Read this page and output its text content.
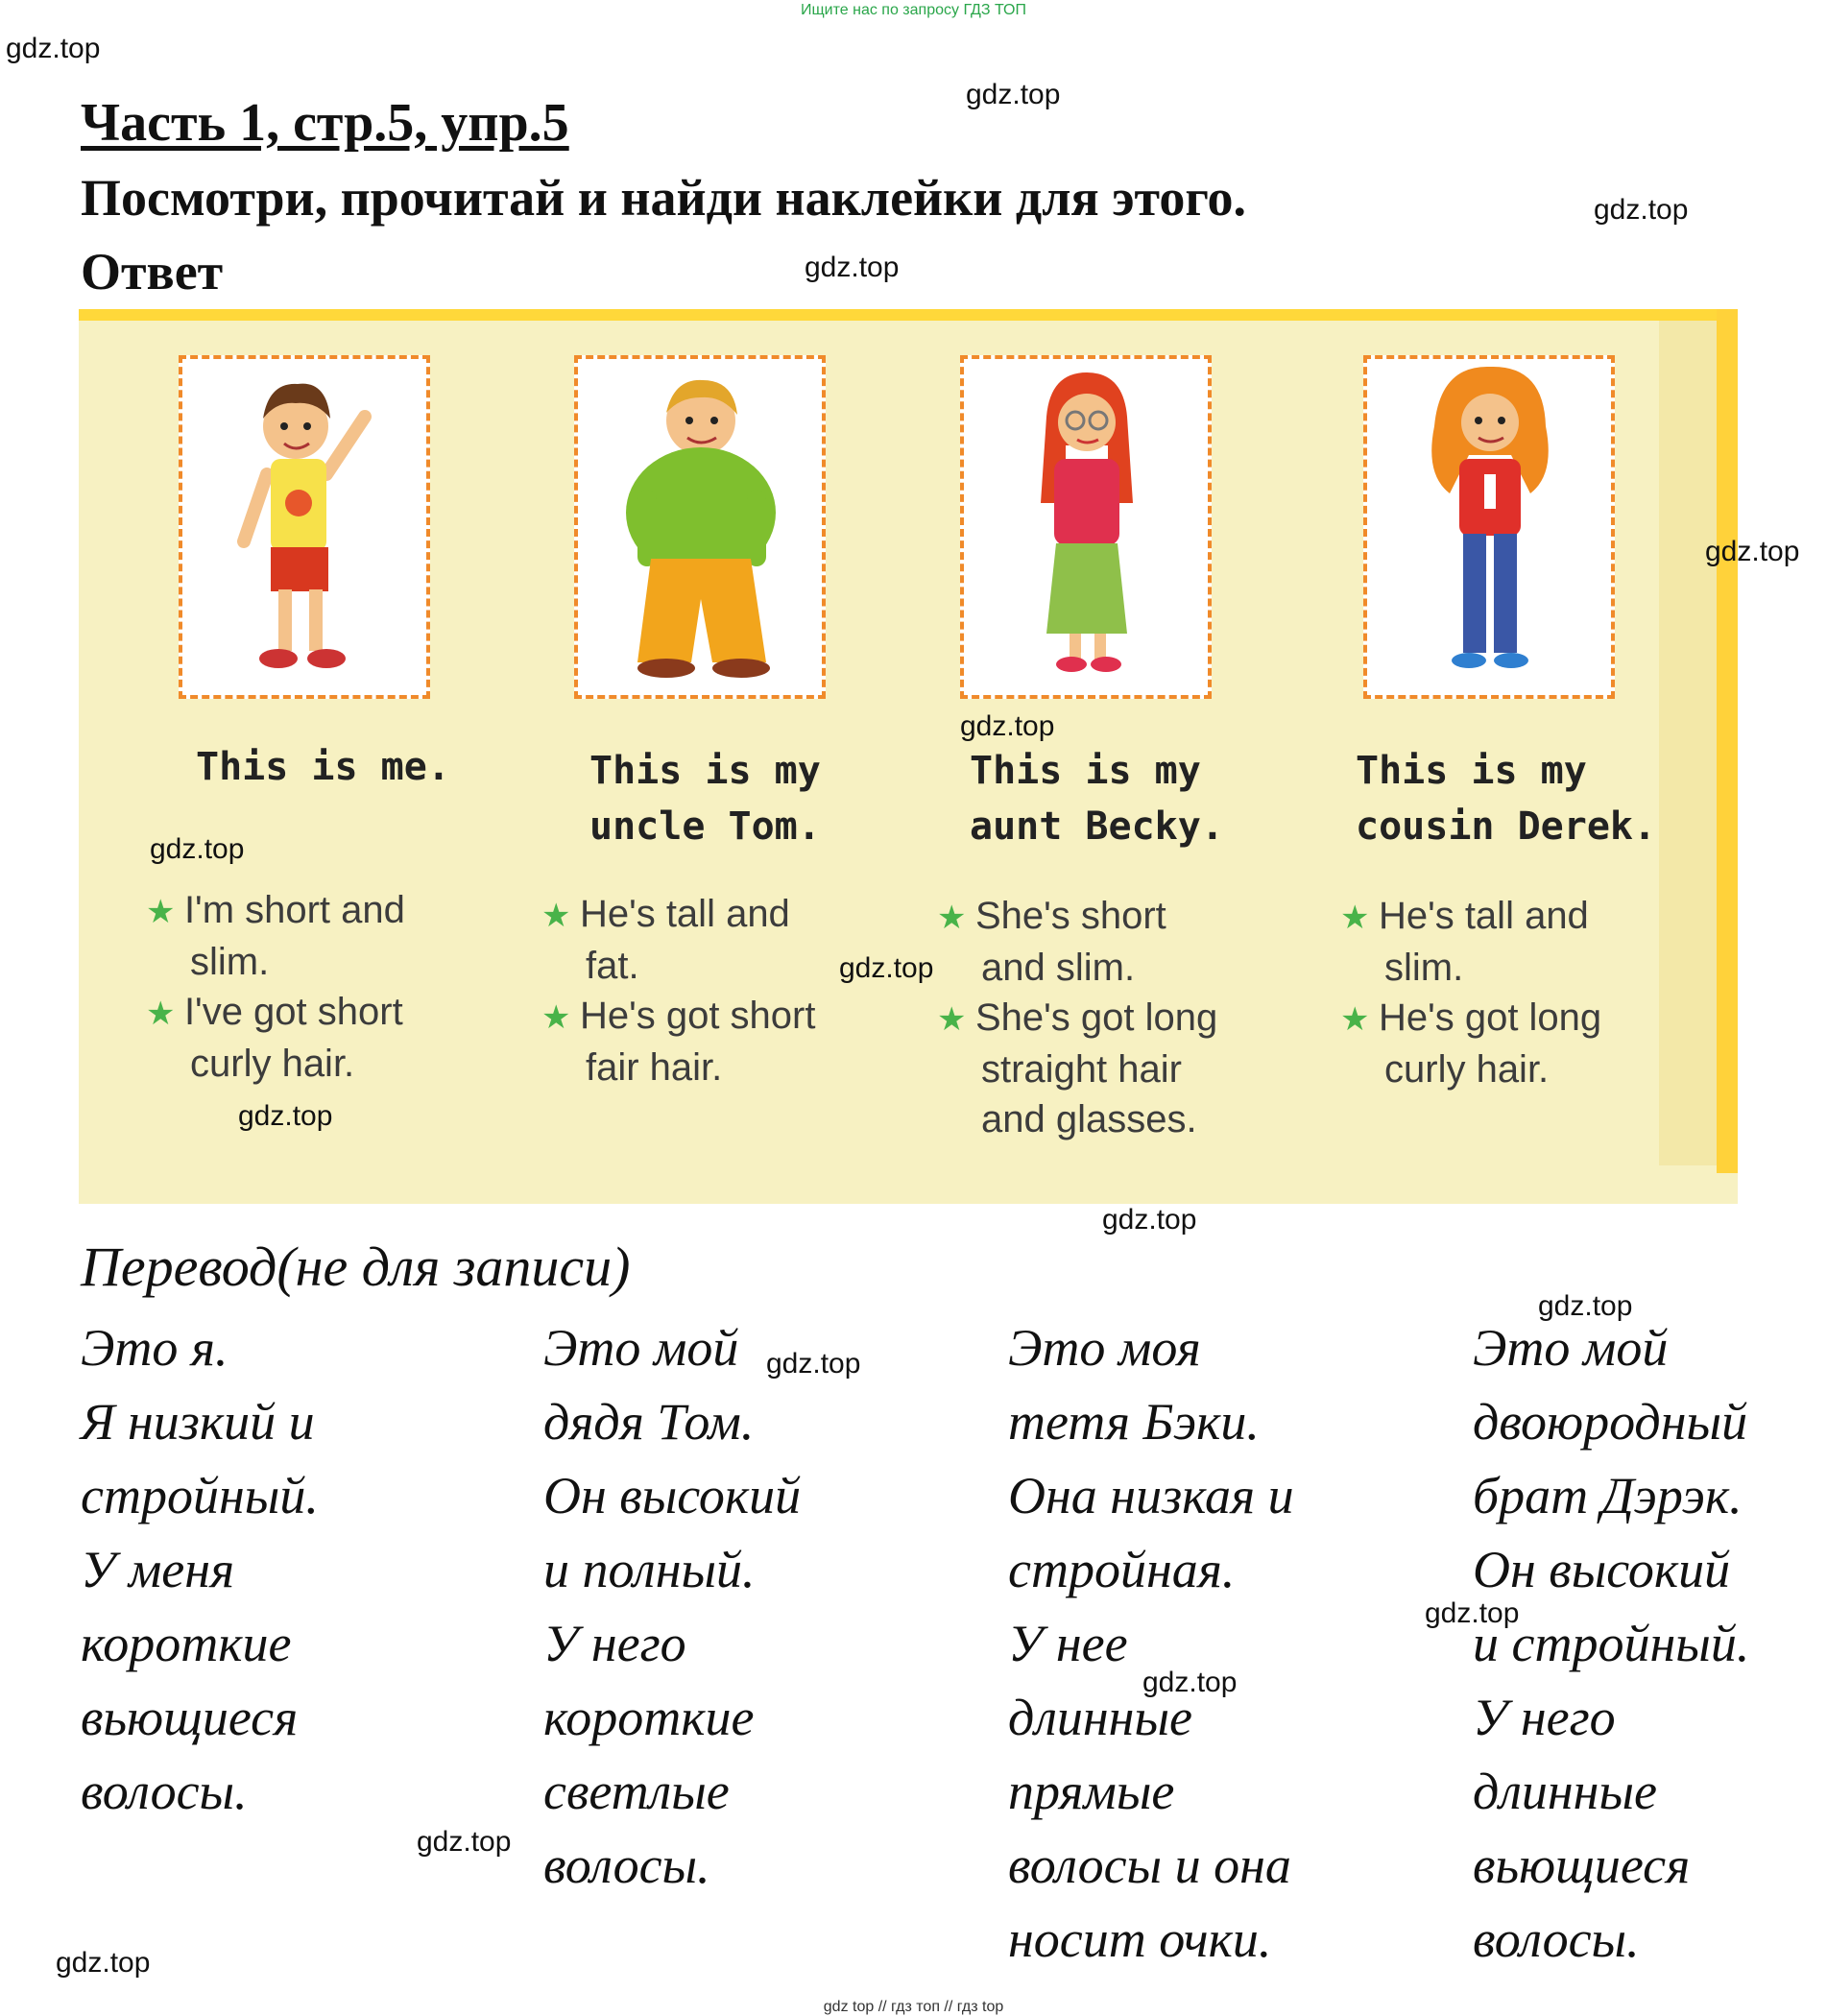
Ищите нас по запросу ГДЗ ТОП
Часть 1, стр.5, упр.5
Посмотри, прочитай и найди наклейки для этого.
Ответ
This is me.	This is my
uncle Tom.
This is my
aunt Becky.
This is my
cousin Derek.
★ I'm short and
slim.
★ I've got short
curly hair.
★ He's tall and
fat.
★ He's got short
fair hair.
★ She's short
and slim.
★ She's got long
straight hair
and glasses.
★ He's tall and
slim.
★ He's got long
curly hair.
Перевод(не для записи)
Это я.
Я низкий и
стройный.
У меня
короткие
вьющиеся
волосы.
Это мой
дядя Том.
Он высокий
и полный.
У него
короткие
светлые
волосы.
Это моя
тетя Бэки.
Она низкая и
стройная.
У нее
длинные
прямые
волосы и она
носит очки.
Это мой
двоюродный
брат Дэрэк.
Он высокий
и стройный.
У него
длинные
вьющиеся
волосы.
gdz.top
gdz.top
gdz.top
gdz.top
gdz.top
gdz.top
gdz.top
gdz.top
gdz.top
gdz.top
gdz.top
gdz.top
gdz.top
gdz.top
gdz.top
gdz.top
gdz top // гдз топ // гдз top
